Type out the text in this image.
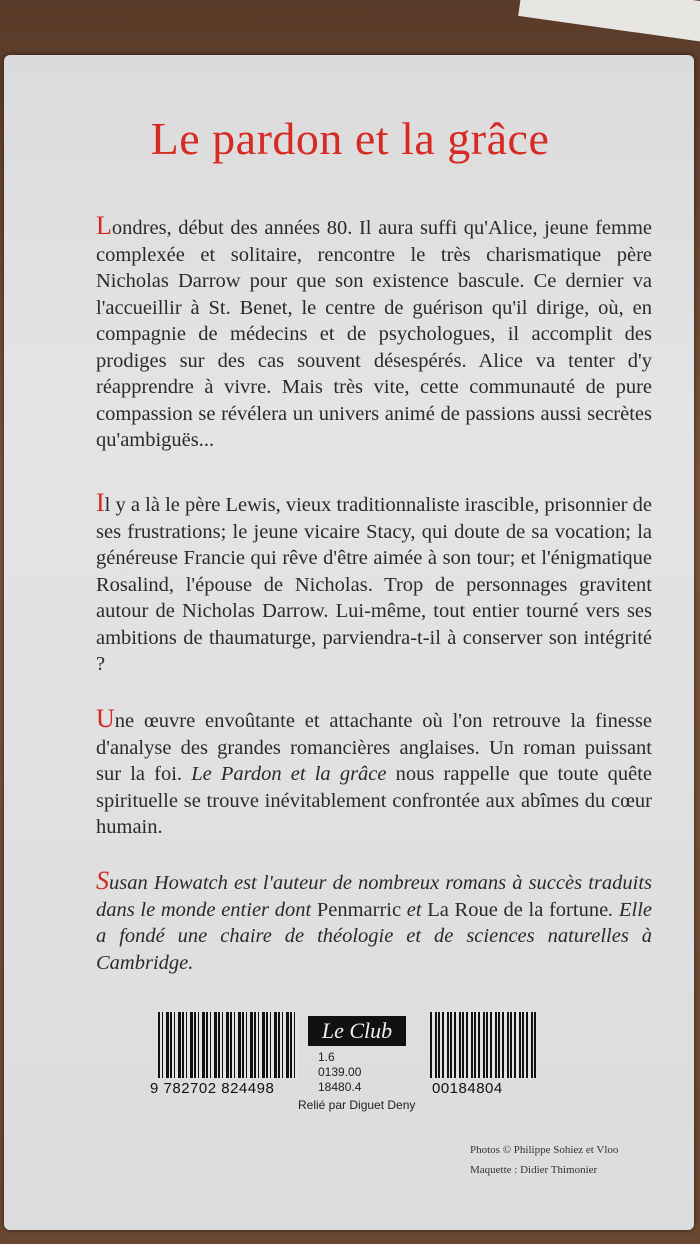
Le pardon et la grâce

Londres, début des années 80. Il aura suffi qu'Alice, jeune femme complexée et solitaire, rencontre le très charismatique père Nicholas Darrow pour que son existence bascule. Ce dernier va l'accueillir à St. Benet, le centre de guérison qu'il dirige, où, en compagnie de médecins et de psychologues, il accomplit des prodiges sur des cas souvent désespérés. Alice va tenter d'y réapprendre à vivre. Mais très vite, cette communauté de pure compassion se révélera un univers animé de passions aussi secrètes qu'ambiguës...

Il y a là le père Lewis, vieux traditionnaliste irascible, prisonnier de ses frustrations; le jeune vicaire Stacy, qui doute de sa vocation; la généreuse Francie qui rêve d'être aimée à son tour; et l'énigmatique Rosalind, l'épouse de Nicholas. Trop de personnages gravitent autour de Nicholas Darrow. Lui-même, tout entier tourné vers ses ambitions de thaumaturge, parviendra-t-il à conserver son intégrité ?

Une œuvre envoûtante et attachante où l'on retrouve la finesse d'analyse des grandes romancières anglaises. Un roman puissant sur la foi. Le Pardon et la grâce nous rappelle que toute quête spirituelle se trouve inévitablement confrontée aux abîmes du cœur humain.

Susan Howatch est l'auteur de nombreux romans à succès traduits dans le monde entier dont Penmarric et La Roue de la fortune. Elle a fondé une chaire de théologie et de sciences naturelles à Cambridge.

9 782702 824498
Le Club
1.6
0139.00
18480.4
Relié par Diguet Deny
00184804
Photos © Philippe Sohiez et Vloo
Maquette : Didier Thimonier
